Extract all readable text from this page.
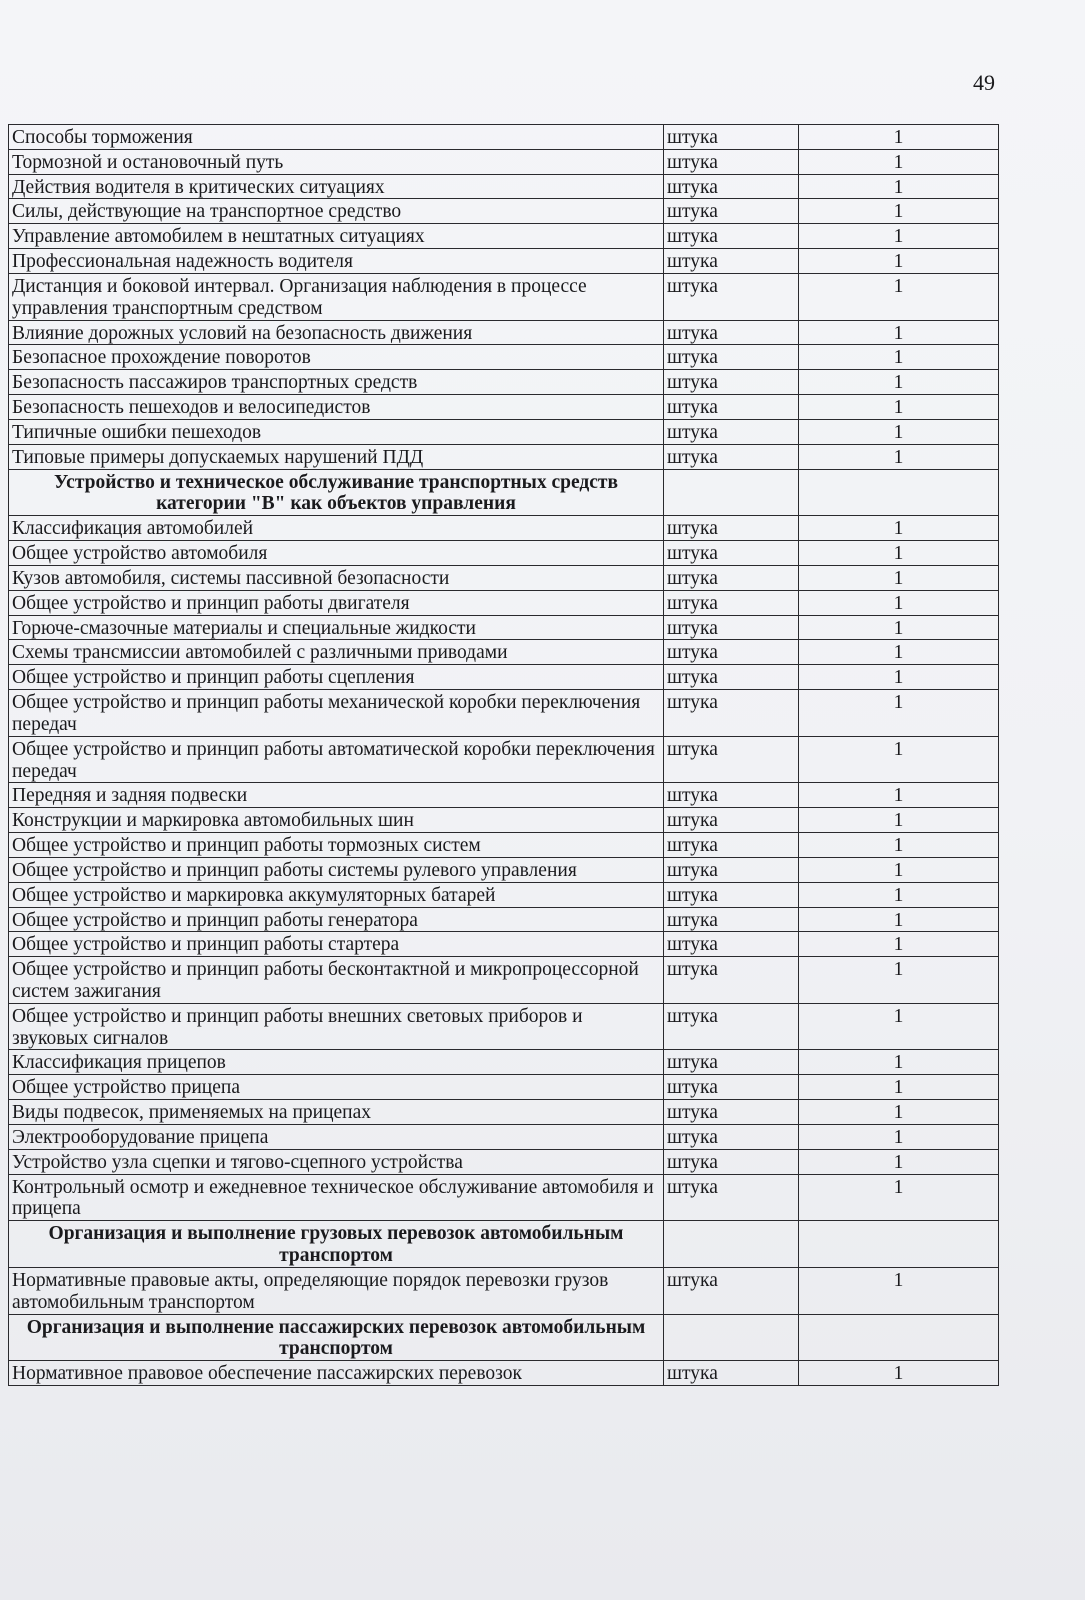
49
Способы торможения	штука	1
Тормозной и остановочный путь	штука	1
Действия водителя в критических ситуациях	штука	1
Силы, действующие на транспортное средство	штука	1
Управление автомобилем в нештатных ситуациях	штука	1
Профессиональная надежность водителя	штука	1
Дистанция и боковой интервал. Организация наблюдения в процессе управления транспортным средством	штука	1
Влияние дорожных условий на безопасность движения	штука	1
Безопасное прохождение поворотов	штука	1
Безопасность пассажиров транспортных средств	штука	1
Безопасность пешеходов и велосипедистов	штука	1
Типичные ошибки пешеходов	штука	1
Типовые примеры допускаемых нарушений ПДД	штука	1
Устройство и техническое обслуживание транспортных средств категории "В" как объектов управления		
Классификация автомобилей	штука	1
Общее устройство автомобиля	штука	1
Кузов автомобиля, системы пассивной безопасности	штука	1
Общее устройство и принцип работы двигателя	штука	1
Горюче-смазочные материалы и специальные жидкости	штука	1
Схемы трансмиссии автомобилей с различными приводами	штука	1
Общее устройство и принцип работы сцепления	штука	1
Общее устройство и принцип работы механической коробки переключения передач	штука	1
Общее устройство и принцип работы автоматической коробки переключения передач	штука	1
Передняя и задняя подвески	штука	1
Конструкции и маркировка автомобильных шин	штука	1
Общее устройство и принцип работы тормозных систем	штука	1
Общее устройство и принцип работы системы рулевого управления	штука	1
Общее устройство и маркировка аккумуляторных батарей	штука	1
Общее устройство и принцип работы генератора	штука	1
Общее устройство и принцип работы стартера	штука	1
Общее устройство и принцип работы бесконтактной и микропроцессорной систем зажигания	штука	1
Общее устройство и принцип работы внешних световых приборов и звуковых сигналов	штука	1
Классификация прицепов	штука	1
Общее устройство прицепа	штука	1
Виды подвесок, применяемых на прицепах	штука	1
Электрооборудование прицепа	штука	1
Устройство узла сцепки и тягово-сцепного устройства	штука	1
Контрольный осмотр и ежедневное техническое обслуживание автомобиля и прицепа	штука	1
Организация и выполнение грузовых перевозок автомобильным транспортом		
Нормативные правовые акты, определяющие порядок перевозки грузов автомобильным транспортом	штука	1
Организация и выполнение пассажирских перевозок автомобильным транспортом		
Нормативное правовое обеспечение пассажирских перевозок	штука	1
